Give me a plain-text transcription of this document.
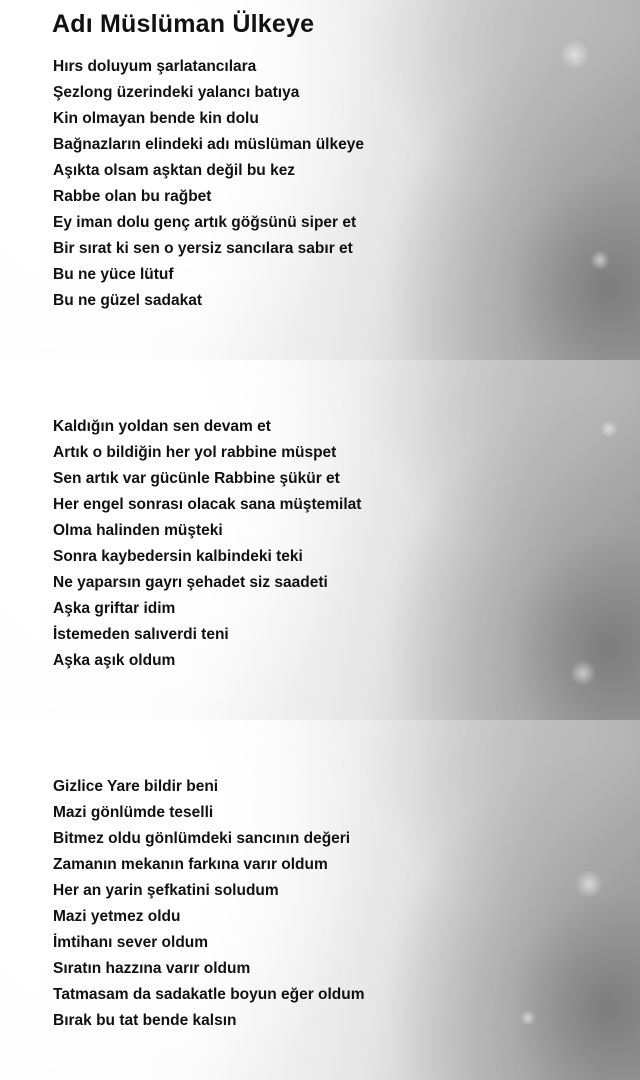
Adı Müslüman Ülkeye
Hırs doluyum şarlatancılara
Şezlong üzerindeki yalancı batıya
Kin olmayan bende kin dolu
Bağnazların elindeki adı müslüman ülkeye
Aşıkta olsam aşktan değil bu kez
Rabbe olan bu rağbet
Ey iman dolu genç artık göğsünü siper et
Bir sırat ki sen o yersiz sancılara sabır et
Bu ne yüce lütuf
Bu ne güzel sadakat
Kaldığın yoldan sen devam et
Artık o bildiğin her yol rabbine müspet
Sen artık var gücünle Rabbine şükür et
Her engel sonrası olacak sana müştemilat
Olma halinden müşteki
Sonra kaybedersin kalbindeki teki
Ne yaparsın gayrı şehadet siz saadeti
Aşka griftar idim
İstemeden salıverdi teni
Aşka aşık oldum
Gizlice Yare bildir beni
Mazi gönlümde teselli
Bitmez oldu gönlümdeki sancının değeri
Zamanın mekanın farkına varır oldum
Her an yarin şefkatini soludum
Mazi yetmez oldu
İmtihanı sever oldum
Sıratın hazzına varır oldum
Tatmasam da sadakatle boyun eğer oldum
Bırak bu tat bende kalsın
